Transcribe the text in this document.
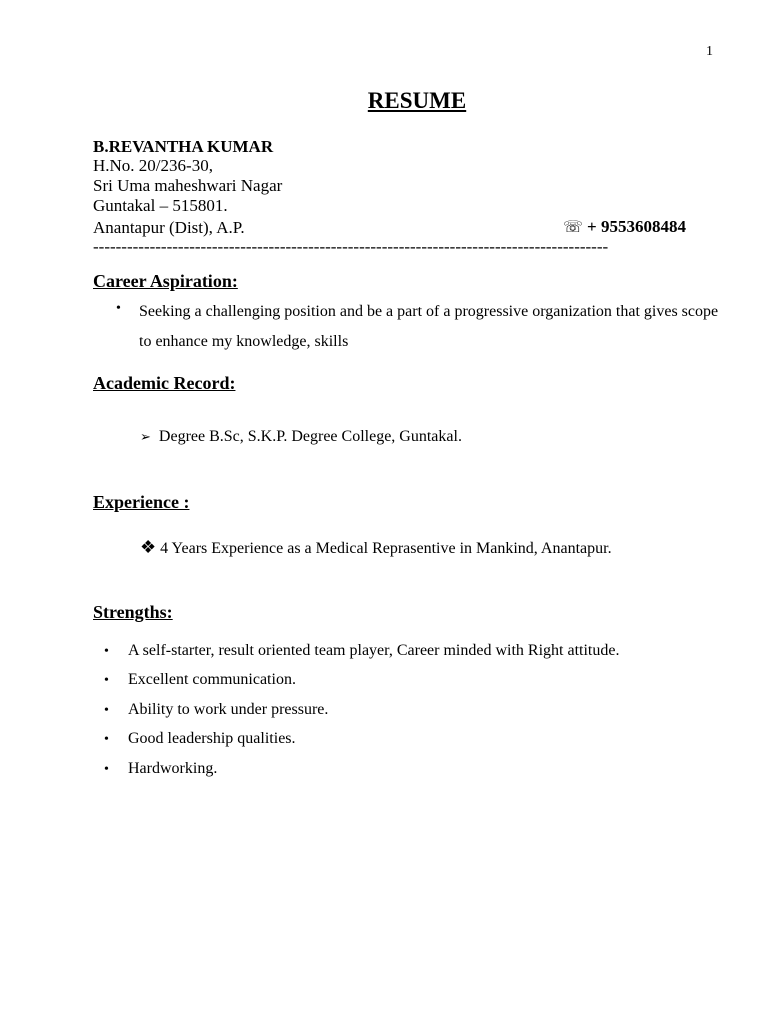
1
RESUME
B.REVANTHA KUMAR
H.No. 20/236-30,
Sri Uma maheshwari Nagar
Guntakal – 515801.
Anantapur (Dist), A.P.	☏ + 9553608484
-------------------------------------------------------------------------------------------
Career Aspiration:
• Seeking a challenging position and be a part of a progressive organization that gives scope to enhance my knowledge, skills
Academic Record:
➢ Degree B.Sc, S.K.P. Degree College, Guntakal.
Experience :
❖ 4 Years Experience as a Medical Reprasentive in Mankind, Anantapur.
Strengths:
• A self-starter, result oriented team player, Career minded with Right attitude.
• Excellent communication.
• Ability to work under pressure.
• Good leadership qualities.
• Hardworking.
